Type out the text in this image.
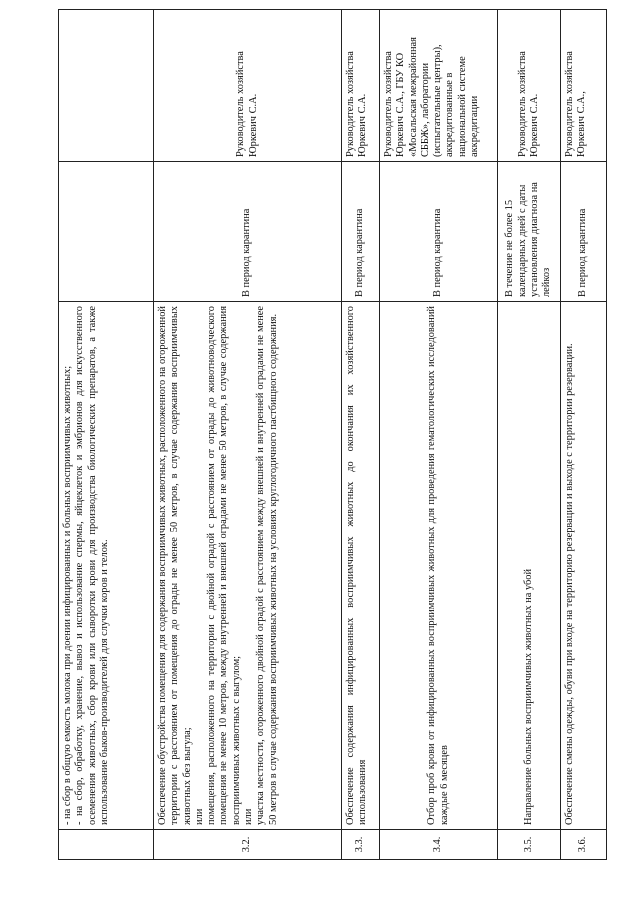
	- на сбор в общую емкость молока при доении инфицированных и больных восприимчивых животных; - на сбор, обработку, хранение, вывоз и использование спермы, яйцеклеток и эмбрионов для искусственного осеменения животных, сбор крови или сыворотки крови для производства биологических препаратов, а также использование быков-производителей для случки коров и телок.		

3.2.	Обеспечение обустройства помещения для содержания восприимчивых животных, расположенного на огороженной территории с расстоянием от помещения до ограды не менее 50 метров, в случае содержания восприимчивых животных без выгула; или помещения, расположенного на территории с двойной оградой с расстоянием от ограды до животноводческого помещения не менее 10 метров, между внутренней и внешней оградами не менее 50 метров, в случае содержания восприимчивых животных с выгулом; или участка местности, огороженного двойной оградой с расстоянием между внешней и внутренней оградами не менее 50 метров в случае содержания восприимчивых животных на условиях круглогодичного пастбищного содержания.	В период карантина	Руководитель хозяйства Юркевич С.А.
3.3.	Обеспечение содержания инфицированных восприимчивых животных до окончания их хозяйственного использования	В период карантина	Руководитель хозяйства Юркевич С.А.
3.4.	Отбор проб крови от инфицированных восприимчивых животных для проведения гематологических исследований каждые 6 месяцев	В период карантина	Руководитель хозяйства Юркевич С.А., ГБУ КО «Мосальская межрайонная СББЖ», лаборатории (испытательные центры), аккредитованные в национальной системе аккредитации
3.5.	Направление больных восприимчивых животных на убой	В течение не более 15 календарных дней с даты установления диагноза на лейкоз	Руководитель хозяйства Юркевич С.А.
3.6.	Обеспечение смены одежды, обуви при входе на территорию резервации и выходе с территории резервации.	В период карантина	Руководитель хозяйства Юркевич С.А.,
